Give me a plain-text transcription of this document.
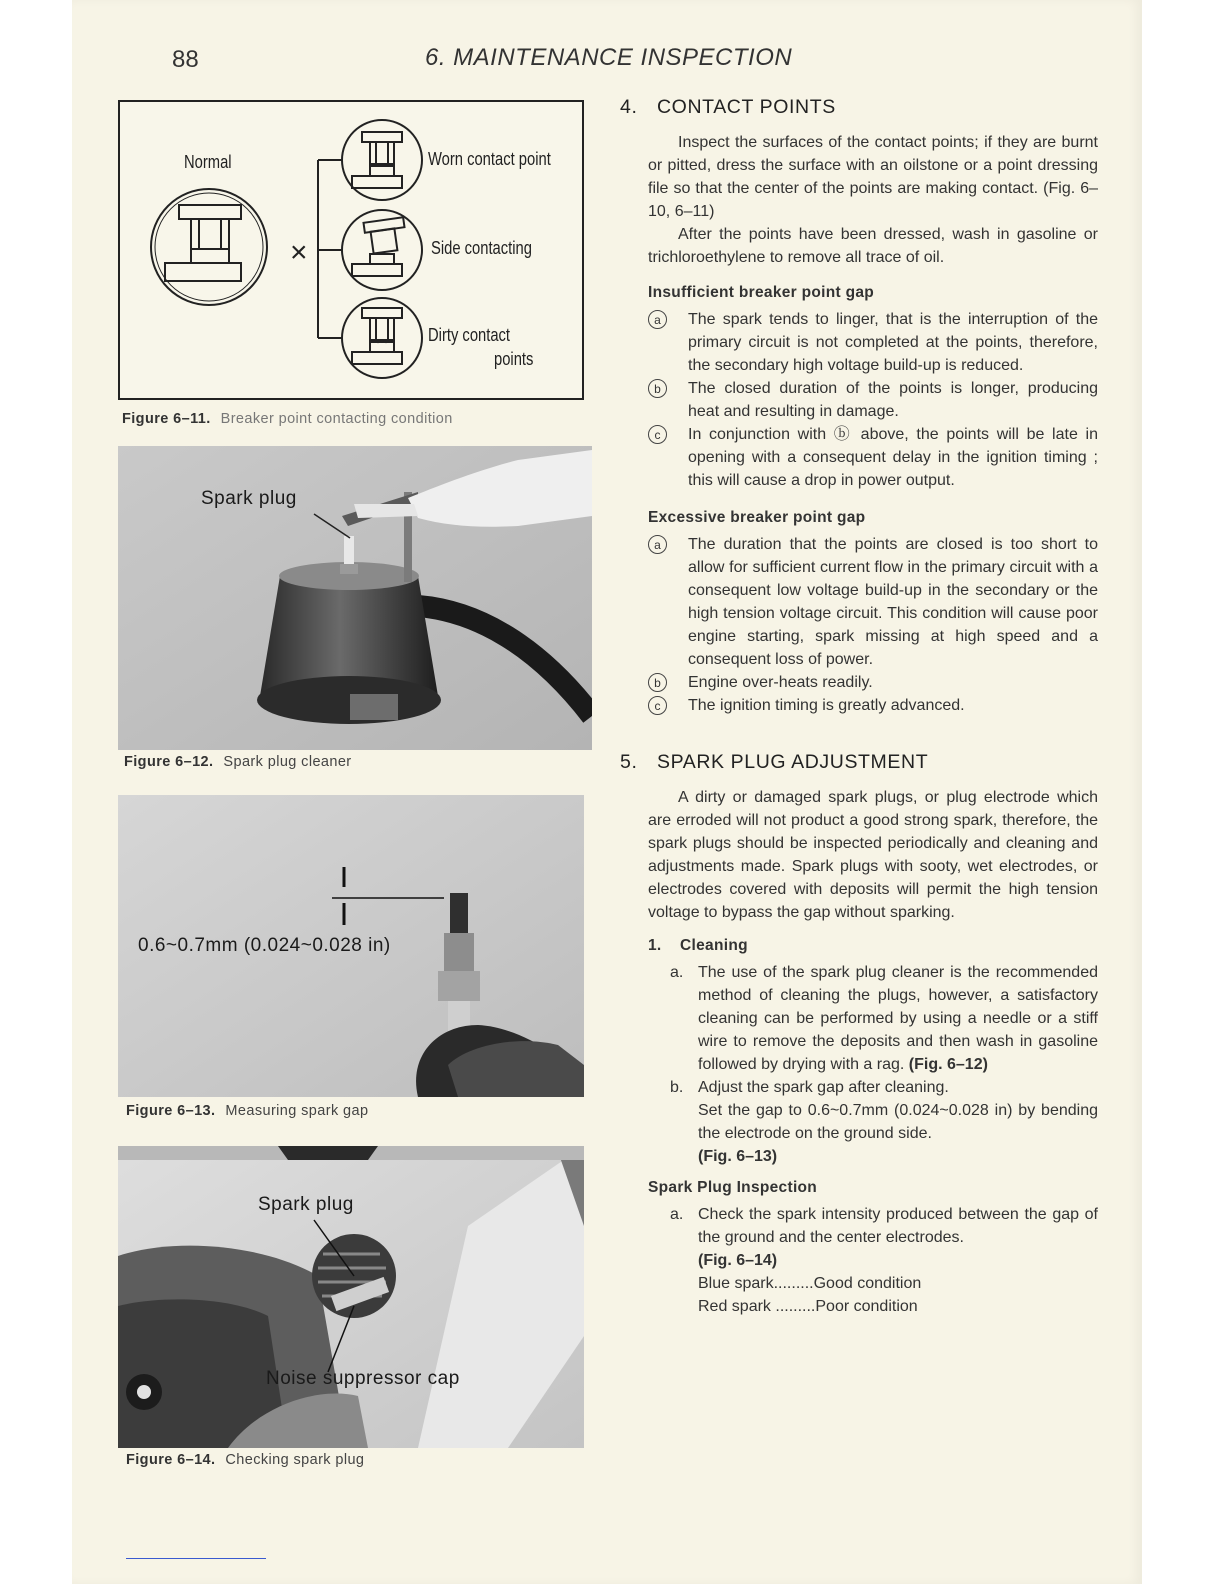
88	6. MAINTENANCE INSPECTION
Normal
×
Worn contact point
Side contacting
Dirty contact
points
Figure 6–11. Breaker point contacting condition
Spark plug
Figure 6–12. Spark plug cleaner
0.6~0.7mm (0.024~0.028 in)
Figure 6–13. Measuring spark gap
Spark plug
Noise suppressor cap
Figure 6–14. Checking spark plug
4. CONTACT POINTS

Inspect the surfaces of the contact points; if they are burnt or pitted, dress the surface with an oilstone or a point dressing file so that the center of the points are making contact. (Fig. 6–10, 6–11)

After the points have been dressed, wash in gasoline or trichloroethylene to remove all trace of oil.

Insufficient breaker point gap
a	The spark tends to linger, that is the interruption of the primary circuit is not completed at the points, therefore, the secondary high voltage build-up is reduced.
b	The closed duration of the points is longer, producing heat and resulting in damage.
c	In conjunction with ⓑ above, the points will be late in opening with a consequent delay in the ignition timing ; this will cause a drop in power output.
Excessive breaker point gap
a	The duration that the points are closed is too short to allow for sufficient current flow in the primary circuit with a consequent low voltage build-up in the secondary or the high tension voltage circuit. This condition will cause poor engine starting, spark missing at high speed and a consequent loss of power.
b	Engine over-heats readily.
c	The ignition timing is greatly advanced.
5. SPARK PLUG ADJUSTMENT

A dirty or damaged spark plugs, or plug electrode which are erroded will not product a good strong spark, therefore, the spark plugs should be inspected periodically and cleaning and adjustments made. Spark plugs with sooty, wet electrodes, or electrodes covered with deposits will permit the high tension voltage to bypass the gap without sparking.

1. Cleaning
a. The use of the spark plug cleaner is the recommended method of cleaning the plugs, however, a satisfactory cleaning can be performed by using a needle or a stiff wire to remove the deposits and then wash in gasoline followed by drying with a rag. (Fig. 6–12)
b. Adjust the spark gap after cleaning.
Set the gap to 0.6~0.7mm (0.024~0.028 in) by bending the electrode on the ground side.
(Fig. 6–13)
Spark Plug Inspection
a. Check the spark intensity produced between the gap of the ground and the center electrodes.
(Fig. 6–14)
Blue spark.........Good condition
Red spark .........Poor condition
